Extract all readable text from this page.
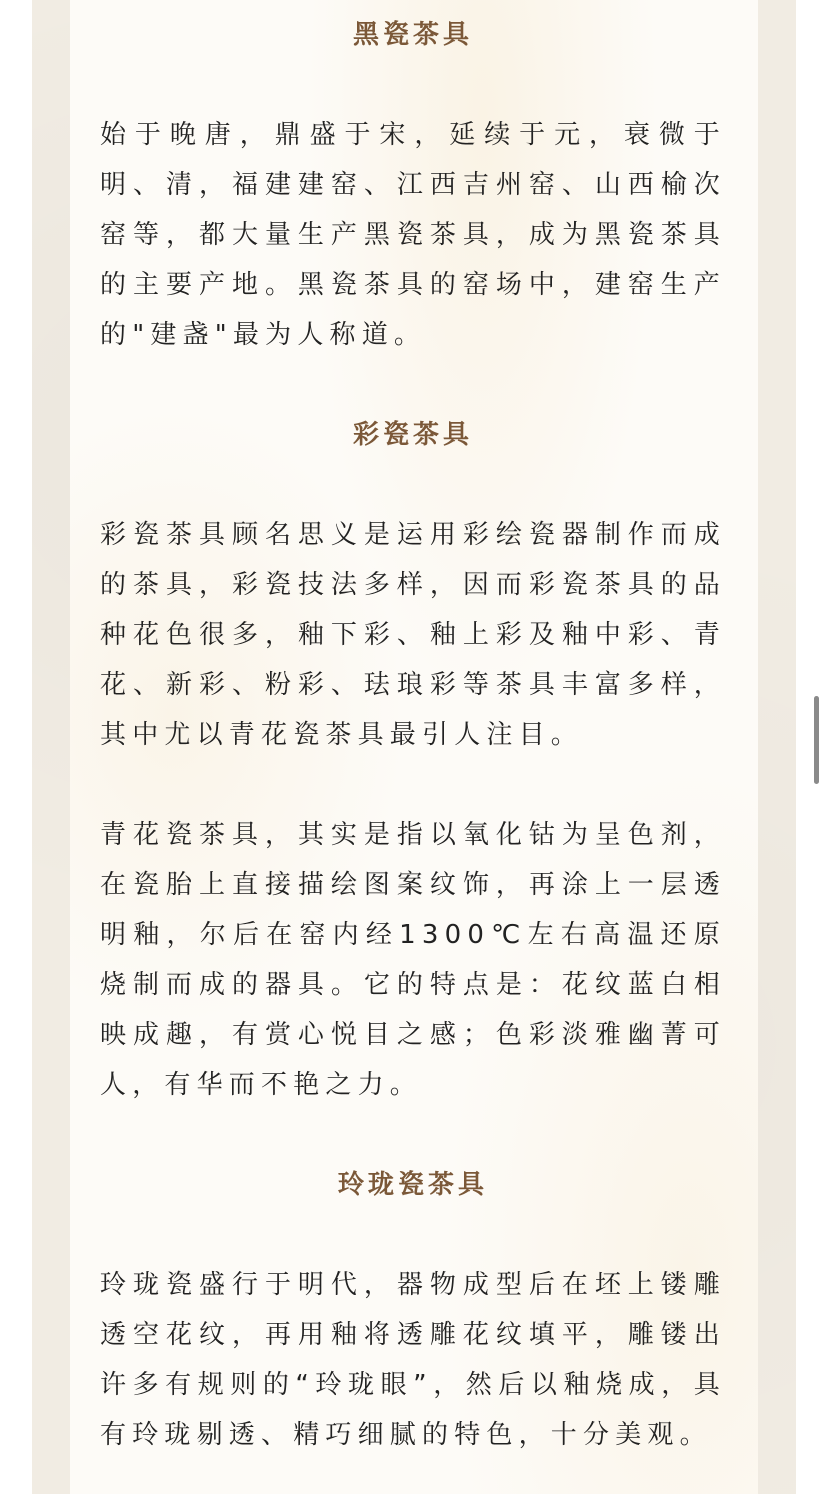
黑瓷茶具

始于晚唐，鼎盛于宋，延续于元，衰微于明、清，福建建窑、江西吉州窑、山西榆次窑等，都大量生产黑瓷茶具，成为黑瓷茶具的主要产地。黑瓷茶具的窑场中，建窑生产的"建盏"最为人称道。

彩瓷茶具

彩瓷茶具顾名思义是运用彩绘瓷器制作而成的茶具，彩瓷技法多样，因而彩瓷茶具的品种花色很多，釉下彩、釉上彩及釉中彩、青花、新彩、粉彩、珐琅彩等茶具丰富多样，其中尤以青花瓷茶具最引人注目。

青花瓷茶具，其实是指以氧化钴为呈色剂，在瓷胎上直接描绘图案纹饰，再涂上一层透明釉，尔后在窑内经1300℃左右高温还原烧制而成的器具。它的特点是：花纹蓝白相映成趣，有赏心悦目之感；色彩淡雅幽菁可人，有华而不艳之力。

玲珑瓷茶具

玲珑瓷盛行于明代，器物成型后在坯上镂雕透空花纹，再用釉将透雕花纹填平，雕镂出许多有规则的“玲珑眼”，然后以釉烧成，具有玲珑剔透、精巧细腻的特色，十分美观。
